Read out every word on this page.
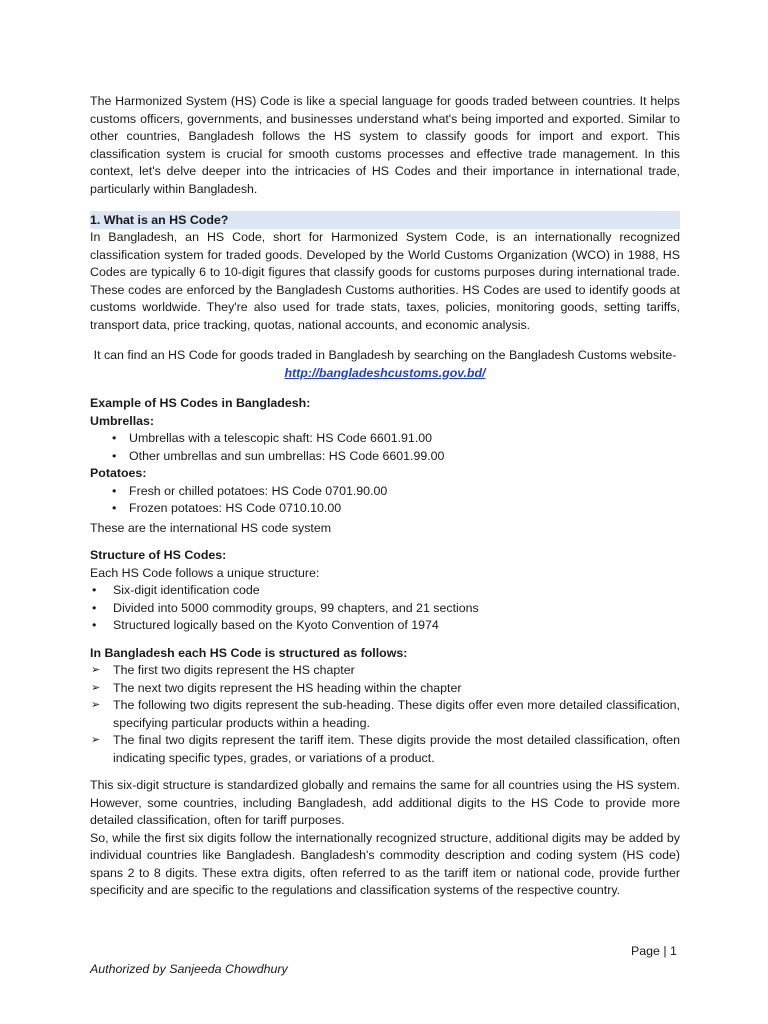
The Harmonized System (HS) Code is like a special language for goods traded between countries. It helps customs officers, governments, and businesses understand what's being imported and exported. Similar to other countries, Bangladesh follows the HS system to classify goods for import and export. This classification system is crucial for smooth customs processes and effective trade management. In this context, let's delve deeper into the intricacies of HS Codes and their importance in international trade, particularly within Bangladesh.

1. What is an HS Code?

In Bangladesh, an HS Code, short for Harmonized System Code, is an internationally recognized classification system for traded goods. Developed by the World Customs Organization (WCO) in 1988, HS Codes are typically 6 to 10-digit figures that classify goods for customs purposes during international trade. These codes are enforced by the Bangladesh Customs authorities. HS Codes are used to identify goods at customs worldwide. They're also used for trade stats, taxes, policies, monitoring goods, setting tariffs, transport data, price tracking, quotas, national accounts, and economic analysis.

It can find an HS Code for goods traded in Bangladesh by searching on the Bangladesh Customs website-

http://bangladeshcustoms.gov.bd/

Example of HS Codes in Bangladesh:

Umbrellas:

• Umbrellas with a telescopic shaft: HS Code 6601.91.00
• Other umbrellas and sun umbrellas: HS Code 6601.99.00

Potatoes:

• Fresh or chilled potatoes: HS Code 0701.90.00
• Frozen potatoes: HS Code 0710.10.00

These are the international HS code system

Structure of HS Codes:

Each HS Code follows a unique structure:

• Six-digit identification code
• Divided into 5000 commodity groups, 99 chapters, and 21 sections
• Structured logically based on the Kyoto Convention of 1974

In Bangladesh each HS Code is structured as follows:

➢ The first two digits represent the HS chapter
➢ The next two digits represent the HS heading within the chapter
➢ The following two digits represent the sub-heading. These digits offer even more detailed classification, specifying particular products within a heading.
➢ The final two digits represent the tariff item. These digits provide the most detailed classification, often indicating specific types, grades, or variations of a product.

This six-digit structure is standardized globally and remains the same for all countries using the HS system. However, some countries, including Bangladesh, add additional digits to the HS Code to provide more detailed classification, often for tariff purposes.

So, while the first six digits follow the internationally recognized structure, additional digits may be added by individual countries like Bangladesh. Bangladesh's commodity description and coding system (HS code) spans 2 to 8 digits. These extra digits, often referred to as the tariff item or national code, provide further specificity and are specific to the regulations and classification systems of the respective country.

Page | 1
Authorized by Sanjeeda Chowdhury
